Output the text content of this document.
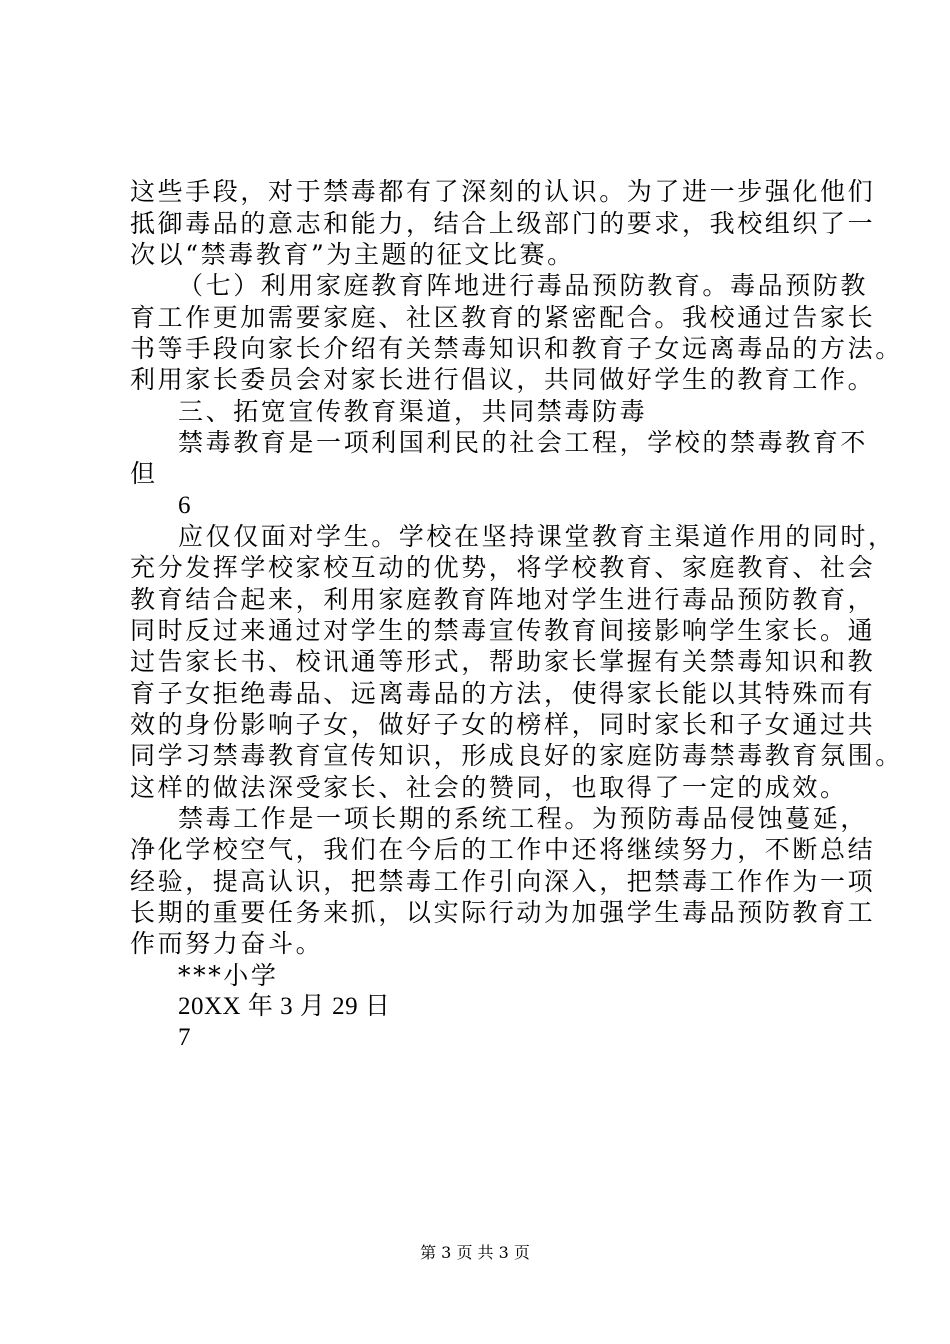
这些手段，对于禁毒都有了深刻的认识。为了进一步强化他们
抵御毒品的意志和能力，结合上级部门的要求，我校组织了一
次以“禁毒教育”为主题的征文比赛。
（七）利用家庭教育阵地进行毒品预防教育。毒品预防教
育工作更加需要家庭、社区教育的紧密配合。我校通过告家长
书等手段向家长介绍有关禁毒知识和教育子女远离毒品的方法。
利用家长委员会对家长进行倡议，共同做好学生的教育工作。
三、拓宽宣传教育渠道，共同禁毒防毒
禁毒教育是一项利国利民的社会工程，学校的禁毒教育不
但
6
应仅仅面对学生。学校在坚持课堂教育主渠道作用的同时，
充分发挥学校家校互动的优势，将学校教育、家庭教育、社会
教育结合起来，利用家庭教育阵地对学生进行毒品预防教育，
同时反过来通过对学生的禁毒宣传教育间接影响学生家长。通
过告家长书、校讯通等形式，帮助家长掌握有关禁毒知识和教
育子女拒绝毒品、远离毒品的方法，使得家长能以其特殊而有
效的身份影响子女，做好子女的榜样，同时家长和子女通过共
同学习禁毒教育宣传知识，形成良好的家庭防毒禁毒教育氛围。
这样的做法深受家长、社会的赞同，也取得了一定的成效。
禁毒工作是一项长期的系统工程。为预防毒品侵蚀蔓延，
净化学校空气，我们在今后的工作中还将继续努力，不断总结
经验，提高认识，把禁毒工作引向深入，把禁毒工作作为一项
长期的重要任务来抓，以实际行动为加强学生毒品预防教育工
作而努力奋斗。
***小学
20XX 年 3 月 29 日
7
第 3 页 共 3 页
